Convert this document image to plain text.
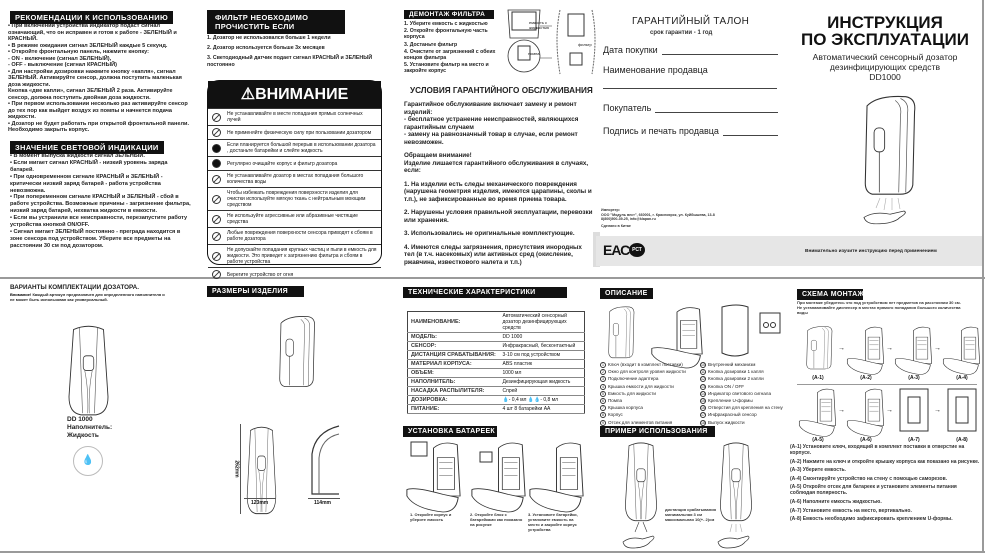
РЕКОМЕНДАЦИИ К ИСПОЛЬЗОВАНИЮ

• При включении устройства индикатор подаст сигнал означающий, что он исправен и готов к работе - ЗЕЛЕНЫЙ и КРАСНЫЙ.

• В режиме ожидания сигнал ЗЕЛЕНЫЙ каждые 5 секунд.

• Откройте фронтальную панель, нажмите кнопку:

- ON - включение (сигнал ЗЕЛЕНЫЙ),

- OFF - выключение (сигнал КРАСНЫЙ)

• Для настройки дозировки нажмите кнопку «капля», сигнал ЗЕЛЕНЫЙ. Активируйте сенсор, должна поступить маленькая доза жидкости.

Кнопка «две капли», сигнал ЗЕЛЕНЫЙ 2 раза. Активируйте сенсор, должна поступить двойная доза жидкости.

• При первом использовании несколько раз активируйте сенсор до тех пор как выйдет воздух из помпы и начнется подача жидкости.

• Дозатор не будет работать при открытой фронтальной панели. Необходимо закрыть корпус.

ЗНАЧЕНИЕ СВЕТОВОЙ ИНДИКАЦИИ

• В момент выпуска жидкости сигнал ЗЕЛЕНЫЙ.

• Если мигает сигнал КРАСНЫЙ - низкий уровень заряда батарей.

• При одновременном сигнале КРАСНЫЙ и ЗЕЛЕНЫЙ - критически низкий заряд батарей - работа устройства невозможна.

• При попеременном сигнале КРАСНЫЙ и ЗЕЛЕНЫЙ - сбой в работе устройства. Возможные причины - загрязнение фильтра, низкий заряд батарей, нехватка жидкости в емкости.

• Если вы устранили все неисправности, перезапустите работу устройства кнопкой ON/OFF.

• Сигнал мигает ЗЕЛЕНЫЙ постоянно - преграда находится в зоне сенсора под устройством. Уберите все предметы на расстоянии 30 см под дозатором.

ФИЛЬТР НЕОБХОДИМО
ПРОЧИСТИТЬ ЕСЛИ

1. Дозатор не использовался больше 1 недели

2. Дозатор используется больше 3х месяцев

3. Светодиодный датчик подает сигнал КРАСНЫЙ и ЗЕЛЕНЫЙ постоянно

⚠ВНИМАНИЕ
Не устанавливайте в месте попадания прямых солнечных лучей
Не применяйте физическую силу при пользовании дозатором
Если планируется большой перерыв в использовании дозатора , достаньте батарейки и слейте жидкость
Регулярно очищайте корпус и фильтр дозатора
Не устанавливайте дозатор в местах попадания большого количества воды
Чтобы избежать повреждения поверхности изделия для очистки используйте мягкую ткань с нейтральным моющим средством
Не используйте агрессивные или абразивные чистящие средства
Любые повреждения поверхности сенсора приводят к сбоям в работе дозатора
Не допускайте попадания крупных частиц и пыли в емкость для жидкости. Это приведет к загрязнению фильтра и сбоям в работе устройства
Берегите устройство от огня
ДЕМОНТАЖ ФИЛЬТРА

1. Уберите емкость с жидкостью

2. Откройте фронтальную часть корпуса

3. Достаньте фильтр

4. Очистите от загрязнений с обеих концов фильтра

5. Установите фильтр на место и закройте корпус

емкость с жидкостью
помпа
фильтр
УСЛОВИЯ ГАРАНТИЙНОГО ОБСЛУЖИВАНИЯ

Гарантийное обслуживание включает замену и ремонт изделий:
- бесплатное устранение неисправностей, являющихся гарантийным случаем
- замену на равнозначный товар в случае, если ремонт невозможен.

Обращаем внимание!
Изделие лишается гарантийного обслуживания в случаях, если:

1. На изделии есть следы механического повреждения (нарушена геометрия изделия, имеются царапины, сколы и т.п.), не зафиксированные во время приема товара.

2. Нарушены условия правильной эксплуатации, перевозки или хранения.

3. Использовались не оригинальные комплектующие.

4. Имеются следы загрязнения, присутствия инородных тел (в т.ч. насекомых) или активных сред (окисление, ржавчина, известкового налета и т.п.)

ГАРАНТИЙНЫЙ ТАЛОН
срок гарантии - 1 год
Дата покупки
Наименование продавца
Покупатель
Подпись и печать продавца
Импортер:
ООО "Модуль вест", 660001, г. Красноярск, ул. Куйбышева, 13-8
8(800)500-39-25, info@klapan.ru
Сделано в Китае
ЕАС РСТ	Внимательно изучите инструкцию перед применением
ИНСТРУКЦИЯ
ПО ЭКСПЛУАТАЦИИ
Автоматический сенсорный дозатор
дезинфицирующих средств
DD1000
ВАРИАНТЫ КОМПЛЕКТАЦИИ ДОЗАТОРА.
Внимание! Каждый артикул предназначен для определенного наполнителя и не может быть использован как универсальный.
DD 1000
Наполнитель:
Жидкость
💧
РАЗМЕРЫ ИЗДЕЛИЯ
262mm
123mm	114mm
ТЕХНИЧЕСКИЕ ХАРАКТЕРИСТИКИ
НАИМЕНОВАНИЕ:	Автоматический сенсорный дозатор дезинфицирующих средств
МОДЕЛЬ:	DD 1000
СЕНСОР:	Инфракрасный, бесконтактный
ДИСТАНЦИЯ СРАБАТЫВАНИЯ:	3-10 см под устройством
МАТЕРИАЛ КОРПУСА:	ABS пластик
ОБЪЕМ:	1000 мл
НАПОЛНИТЕЛЬ:	Дезинфицирующая жидкость
НАСАДКА РАСПЫЛИТЕЛЯ:	Спрей
ДОЗИРОВКА:	💧- 0,4 мл 💧💧- 0,8 мл
ПИТАНИЕ:	4 шт 8 батарейки АА
УСТАНОВКА БАТАРЕЕК
1. Откройте корпус и уберите емкость
2. Откройте блок с батарейками как показано на рисунке
3. Установите батарейки, установите емкость на место и закройте корпус устройства
ОПИСАНИЕ
1 Ключ (входит в комплект поставки)
2 Окно для контроля уровня жидкости
3 Подключение адаптера
4 Крышка емкости для жидкости
5 Емкость для жидкости
6 Помпа
7 Крышка корпуса
8 Корпус
9 Отсек для элементов питания
10 Внутренний механизм
11 Кнопка дозировки 1 капля
12 Кнопка дозировки 2 капли
13 Кнопка ON / OFF
14 Индикатор светового сигнала
15 Крепление U-формы
16 Отверстия для крепления на стену
17 Инфракрасный сенсор
18 Выпуск жидкости
ПРИМЕР ИСПОЛЬЗОВАНИЯ
дистанция срабатывания минимальная 3 см максимальная 10(+- 2)см
СХЕМА МОНТАЖА
При монтаже убедитесь что под устройством нет предметов на расстоянии 30 см. Не устанавливайте диспенсер в местах прямого попадания большого количества воды
(A-1)
→
(A-2)
→
(A-3)
→
(A-4)
(A-5)
→
(A-6)
→
(A-7)
→
(A-8)
(A-1) Установите ключ, входящий в комплект поставки в отверстие на корпусе.
(A-2) Нажмите на ключ и откройте крышку корпуса как показано на рисунке.
(A-3) Уберите емкость.
(A-4) Смонтируйте устройство на стену с помощью саморезов.
(A-5) Откройте отсек для батареек и установите элементы питания соблюдая полярность.
(A-6) Наполните емкость жидкостью.
(A-7) Установите емкость на место, вертикально.
(A-8) Емкость необходимо зафиксировать креплением U-формы.
